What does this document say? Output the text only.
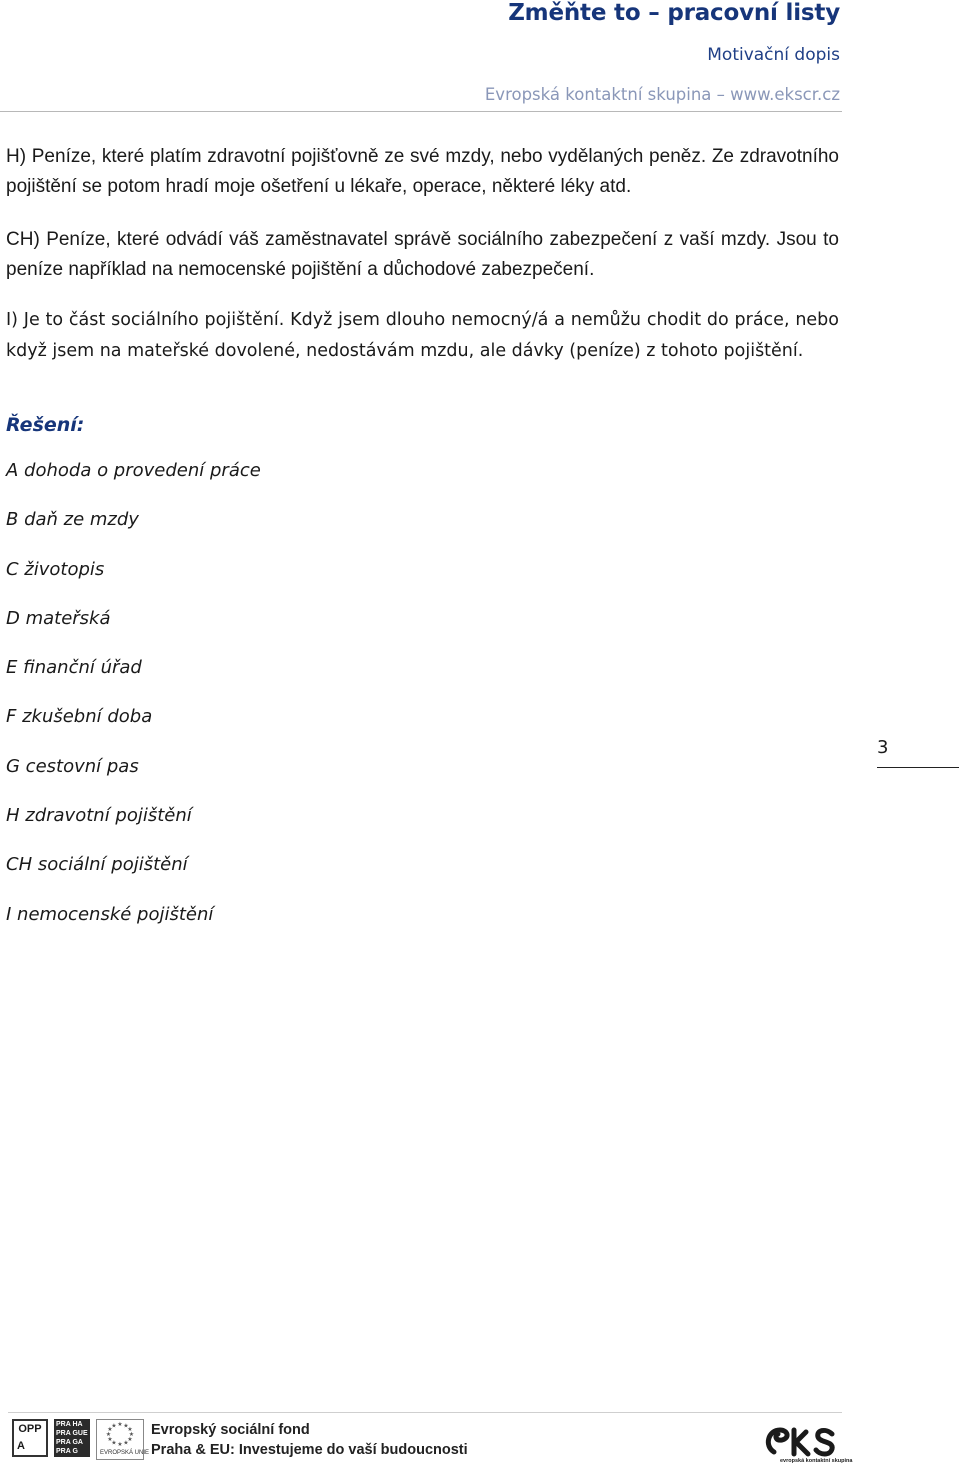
Změňte to – pracovní listy
Motivační dopis
Evropská kontaktní skupina – www.ekscr.cz

H) Peníze, které platím zdravotní pojišťovně ze své mzdy, nebo vydělaných peněz. Ze zdravotního pojištění se potom hradí moje ošetření u lékaře, operace, některé léky atd.

CH) Peníze, které odvádí váš zaměstnavatel správě sociálního zabezpečení z vaší mzdy. Jsou to peníze například na nemocenské pojištění a důchodové zabezpečení.

I) Je to část sociálního pojištění. Když jsem dlouho nemocný/á a nemůžu chodit do práce, nebo když jsem na mateřské dovolené, nedostávám mzdu, ale dávky (peníze) z tohoto pojištění.

Řešení:
A dohoda o provedení práce
B daň ze mzdy
C životopis
D mateřská
E finanční úřad
F zkušební doba
G cestovní pas
H zdravotní pojištění
CH sociální pojištění
I nemocenské pojištění
3
OPP
A
PRA HA
PRA GUE
PRA GA
PRA G
★ ★
★
★
★
★
★
★
★
★
★
★
EVROPSKÁ UNIE
Evropský sociální fond
Praha & EU: Investujeme do vaší budoucnosti
evropská kontaktní skupina
